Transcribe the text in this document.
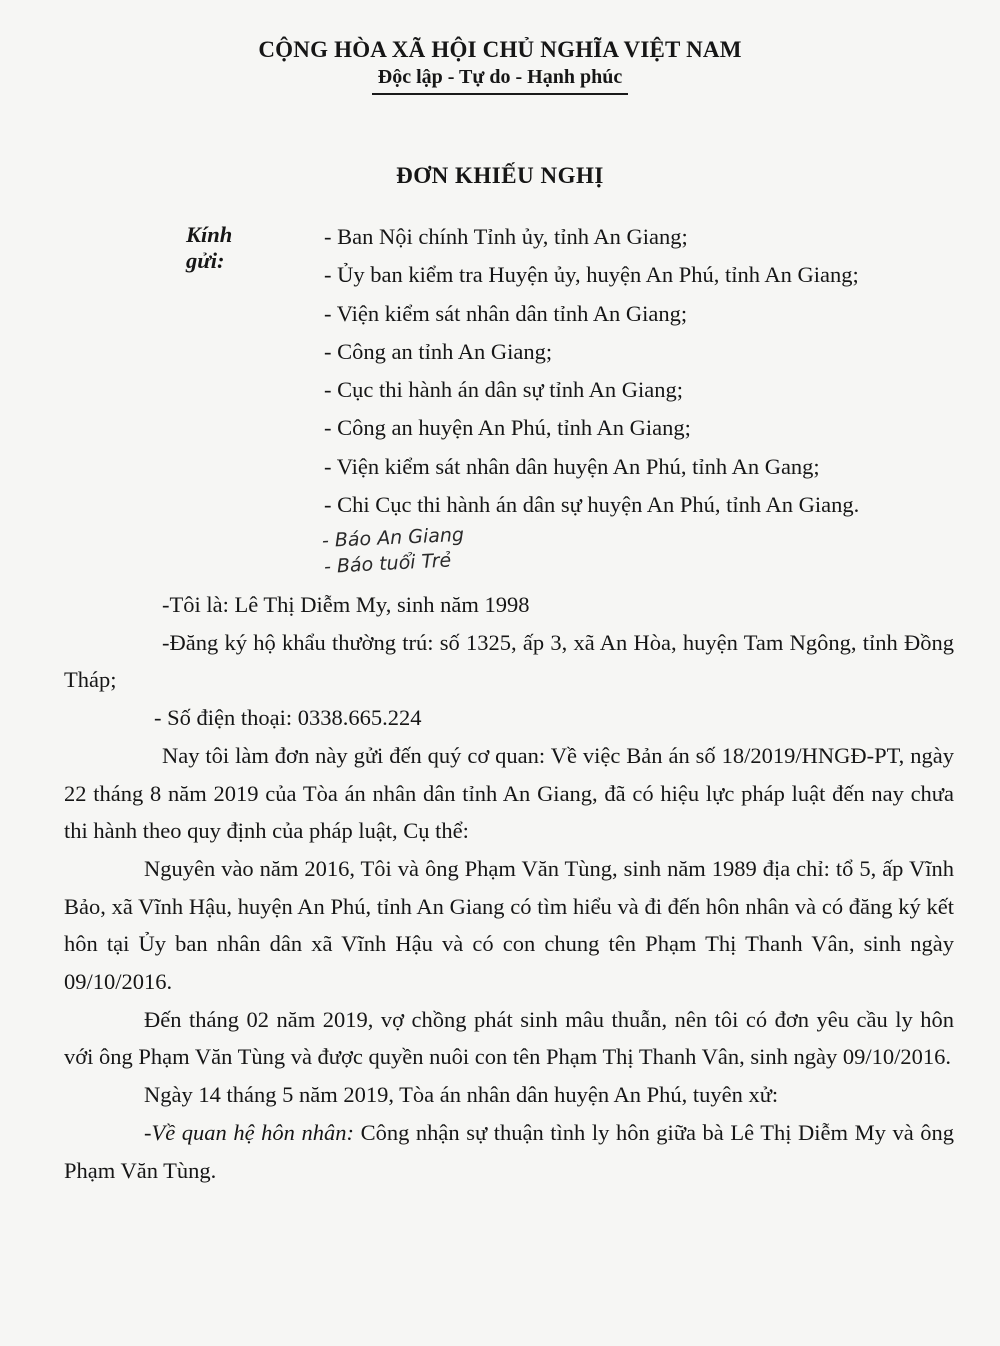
CỘNG HÒA XÃ HỘI CHỦ NGHĨA VIỆT NAM
Độc lập - Tự do - Hạnh phúc
ĐƠN KHIẾU NGHỊ
Kính gửi:
- Ban Nội chính Tỉnh ủy, tỉnh An Giang;
- Ủy ban kiểm tra Huyện ủy, huyện An Phú, tỉnh An Giang;
- Viện kiểm sát nhân dân tỉnh An Giang;
- Công an tỉnh An Giang;
- Cục thi hành án dân sự tỉnh An Giang;
- Công an huyện An Phú, tỉnh An Giang;
- Viện kiểm sát nhân dân huyện An Phú, tỉnh An Gang;
- Chi Cục thi hành án dân sự huyện An Phú, tỉnh An Giang.
- Báo An Giang
- Báo tuổi Trẻ

-Tôi là: Lê Thị Diễm My, sinh năm 1998

-Đăng ký hộ khẩu thường trú: số 1325, ấp 3, xã An Hòa, huyện Tam Ngông, tỉnh Đồng Tháp;

- Số điện thoại: 0338.665.224

Nay tôi làm đơn này gửi đến quý cơ quan: Về việc Bản án số 18/2019/HNGĐ-PT, ngày 22 tháng 8 năm 2019 của Tòa án nhân dân tỉnh An Giang, đã có hiệu lực pháp luật đến nay chưa thi hành theo quy định của pháp luật, Cụ thể:

Nguyên vào năm 2016, Tôi và ông Phạm Văn Tùng, sinh năm 1989 địa chỉ: tổ 5, ấp Vĩnh Bảo, xã Vĩnh Hậu, huyện An Phú, tỉnh An Giang có tìm hiểu và đi đến hôn nhân và có đăng ký kết hôn tại Ủy ban nhân dân xã Vĩnh Hậu và có con chung tên Phạm Thị Thanh Vân, sinh ngày 09/10/2016.

Đến tháng 02 năm 2019, vợ chồng phát sinh mâu thuẫn, nên tôi có đơn yêu cầu ly hôn với ông Phạm Văn Tùng và được quyền nuôi con tên Phạm Thị Thanh Vân, sinh ngày 09/10/2016.

Ngày 14 tháng 5 năm 2019, Tòa án nhân dân huyện An Phú, tuyên xử:

-Về quan hệ hôn nhân: Công nhận sự thuận tình ly hôn giữa bà Lê Thị Diễm My và ông Phạm Văn Tùng.
